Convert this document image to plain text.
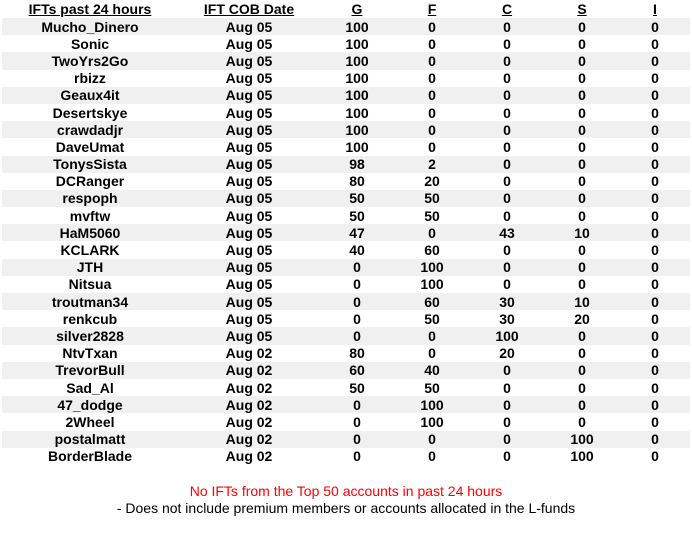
IFTs past 24 hours	IFT COB Date	G	F	C	S	I
Mucho_Dinero	Aug 05	100	0	0	0	0
Sonic	Aug 05	100	0	0	0	0
TwoYrs2Go	Aug 05	100	0	0	0	0
rbizz	Aug 05	100	0	0	0	0
Geaux4it	Aug 05	100	0	0	0	0
Desertskye	Aug 05	100	0	0	0	0
crawdadjr	Aug 05	100	0	0	0	0
DaveUmat	Aug 05	100	0	0	0	0
TonysSista	Aug 05	98	2	0	0	0
DCRanger	Aug 05	80	20	0	0	0
respoph	Aug 05	50	50	0	0	0
mvftw	Aug 05	50	50	0	0	0
HaM5060	Aug 05	47	0	43	10	0
KCLARK	Aug 05	40	60	0	0	0
JTH	Aug 05	0	100	0	0	0
Nitsua	Aug 05	0	100	0	0	0
troutman34	Aug 05	0	60	30	10	0
renkcub	Aug 05	0	50	30	20	0
silver2828	Aug 05	0	0	100	0	0
NtvTxan	Aug 02	80	0	20	0	0
TrevorBull	Aug 02	60	40	0	0	0
Sad_Al	Aug 02	50	50	0	0	0
47_dodge	Aug 02	0	100	0	0	0
2Wheel	Aug 02	0	100	0	0	0
postalmatt	Aug 02	0	0	0	100	0
BorderBlade	Aug 02	0	0	0	100	0
No IFTs from the Top 50 accounts in past 24 hours
- Does not include premium members or accounts allocated in the L-funds
